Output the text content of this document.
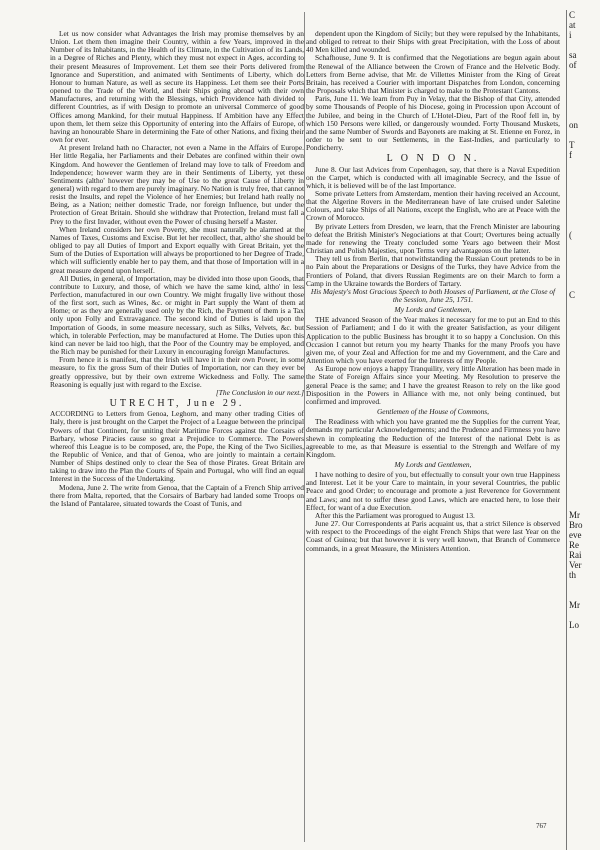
Let us now consider what Advantages the Irish may promise themselves by an Union. Let them then imagine their Country, within a few Years, improved in the Number of its Inhabitants, in the Health of its Climate, in the Cultivation of its Lands, in a Degree of Riches and Plenty, which they must not expect in Ages, according to their present Measures of Improvement. Let them see their Ports delivered from Ignorance and Superstition, and animated with Sentiments of Liberty, which do Honour to human Nature, as well as secure its Happiness. Let them see their Ports opened to the Trade of the World, and their Ships going abroad with their own Manufactures, and returning with the Blessings, which Providence hath divided to different Countries, as if with Design to promote an universal Commerce of good Offices among Mankind, for their mutual Happiness. If Ambition have any Effect upon them, let them seize this Opportunity of entering into the Affairs of Europe, of having an honourable Share in determining the Fate of other Nations, and fixing their own for ever.

At present Ireland hath no Character, not even a Name in the Affairs of Europe. Her little Regalia, her Parliaments and their Debates are confined within their own Kingdom. And however the Gentlemen of Ireland may love to talk of Freedom and Independence; however warm they are in their Sentiments of Liberty, yet these Sentiments (altho' however they may be of Use to the great Cause of Liberty in general) with regard to them are purely imaginary. No Nation is truly free, that cannot resist the Insults, and repel the Violence of her Enemies; but Ireland hath really no Being, as a Nation; neither domestic Trade, nor foreign Influence, but under the Protection of Great Britain. Should she withdraw that Protection, Ireland must fall a Prey to the first Invader, without even the Power of chusing herself a Master.

When Ireland considers her own Poverty, she must naturally be alarmed at the Names of Taxes, Customs and Excise. But let her recollect, that, altho' she should be obliged to pay all Duties of Import and Export equally with Great Britain, yet the Sum of the Duties of Exportation will always be proportioned to her Degree of Trade, which will sufficiently enable her to pay them, and that those of Importation will in a great measure depend upon herself.

All Duties, in general, of Importation, may be divided into those upon Goods, that contribute to Luxury, and those, of which we have the same kind, altho' in less Perfection, manufactured in our own Country. We might frugally live without those of the first sort, such as Wines, &c. or might in Part supply the Want of them at Home; or as they are generally used only by the Rich, the Payment of them is a Tax only upon Folly and Extravagance. The second kind of Duties is laid upon the Importation of Goods, in some measure necessary, such as Silks, Velvets, &c. but which, in tolerable Perfection, may be manufactured at Home. The Duties upon this kind can never be laid too high, that the Poor of the Country may be employed, and the Rich may be punished for their Luxury in encouraging foreign Manufactures.

From hence it is manifest, that the Irish will have it in their own Power, in some measure, to fix the gross Sum of their Duties of Importation, nor can they ever be greatly oppressive, but by their own extreme Wickedness and Folly. The same Reasoning is equally just with regard to the Excise.

[The Conclusion in our next.]

UTRECHT, June 29.

ACCORDING to Letters from Genoa, Leghorn, and many other trading Cities of Italy, there is just brought on the Carpet the Project of a League between the principal Powers of that Continent, for uniting their Maritime Forces against the Corsairs of Barbary, whose Piracies cause so great a Prejudice to Commerce. The Powers whereof this League is to be composed, are, the Pope, the King of the Two Sicilies, the Republic of Venice, and that of Genoa, who are jointly to maintain a certain Number of Ships destined only to clear the Sea of those Pirates. Great Britain are taking to draw into the Plan the Courts of Spain and Portugal, who will find an equal Interest in the Success of the Undertaking.

Modena, June 2. The write from Genoa, that the Captain of a French Ship arrived there from Malta, reported, that the Corsairs of Barbary had landed some Troops on the Island of Pantalaree, situated towards the Coast of Tunis, and

dependent upon the Kingdom of Sicily; but they were repulsed by the Inhabitants, and obliged to retreat to their Ships with great Precipitation, with the Loss of about 40 Men killed and wounded.

Schafhouse, June 9. It is confirmed that the Negotiations are begun again about the Renewal of the Alliance between the Crown of France and the Helvetic Body. Letters from Berne advise, that Mr. de Villettes Minister from the King of Great Britain, has received a Courier with important Dispatches from London, concerning the Proposals which that Minister is charged to make to the Protestant Cantons.

Paris, June 11. We learn from Puy in Velay, that the Bishop of that City, attended by some Thousands of People of his Diocese, going in Procession upon Account of the Jubilee, and being in the Church of L'Hotel-Dieu, Part of the Roof fell in, by which 150 Persons were killed, or dangerously wounded. Forty Thousand Muskets, and the same Number of Swords and Bayonets are making at St. Etienne en Forez, in order to be sent to our Settlements, in the East-Indies, and particularly to Pondicherry.

L O N D O N.

June 8. Our last Advices from Copenhagen, say, that there is a Naval Expedition on the Carpet, which is conducted with all imaginable Secrecy, and the Issue of which, it is believed will be of the last Importance.

Some private Letters from Amsterdam, mention their having received an Account, that the Algerine Rovers in the Mediterranean have of late cruised under Saletine Colours, and take Ships of all Nations, except the English, who are at Peace with the Crown of Morocco.

By private Letters from Dresden, we learn, that the French Minister are labouring to defeat the British Minister's Negociations at that Court; Overtures being actually made for renewing the Treaty concluded some Years ago between their Most Christian and Polish Majesties, upon Terms very advantageous on the latter.

They tell us from Berlin, that notwithstanding the Russian Court pretends to be in no Pain about the Preparations or Designs of the Turks, they have Advice from the Frontiers of Poland, that divers Russian Regiments are on their March to form a Camp in the Ukraine towards the Borders of Tartary.

His Majesty's Most Gracious Speech to both Houses of Parliament, at the Close of the Session, June 25, 1751.

My Lords and Gentlemen,

THE advanced Season of the Year makes it necessary for me to put an End to this Session of Parliament; and I do it with the greater Satisfaction, as your diligent Application to the public Business has brought it to so happy a Conclusion. On this Occasion I cannot but return you my hearty Thanks for the many Proofs you have given me, of your Zeal and Affection for me and my Government, and the Care and Attention which you have exerted for the Interests of my People.

As Europe now enjoys a happy Tranquility, very little Alteration has been made in the State of Foreign Affairs since your Meeting. My Resolution to preserve the general Peace is the same; and I have the greatest Reason to rely on the like good Disposition in the Powers in Alliance with me, not only being continued, but confirmed and improved.

Gentlemen of the House of Commons,

The Readiness with which you have granted me the Supplies for the current Year, demands my particular Acknowledgements; and the Prudence and Firmness you have shewn in compleating the Reduction of the Interest of the national Debt is as agreeable to me, as that Measure is essential to the Strength and Welfare of my Kingdom.

My Lords and Gentlemen,

I have nothing to desire of you, but effectually to consult your own true Happiness and Interest. Let it be your Care to maintain, in your several Countries, the public Peace and good Order; to encourage and promote a just Reverence for Government and Laws; and not to suffer these good Laws, which are enacted here, to lose their Effect, for want of a due Execution.

After this the Parliament was prorogued to August 13.

June 27. Our Correspondents at Paris acquaint us, that a strict Silence is observed with respect to the Proceedings of the eight French Ships that were last Year on the Coast of Guinea; but that however it is very well known, that Branch of Commerce commands, in a great Measure, the Ministers Attention.

C
at
i
sa
of
on
T
f
(
C
Mr
Bro
eve
Re
Rai
Ver
th
Mr
Lo
767
